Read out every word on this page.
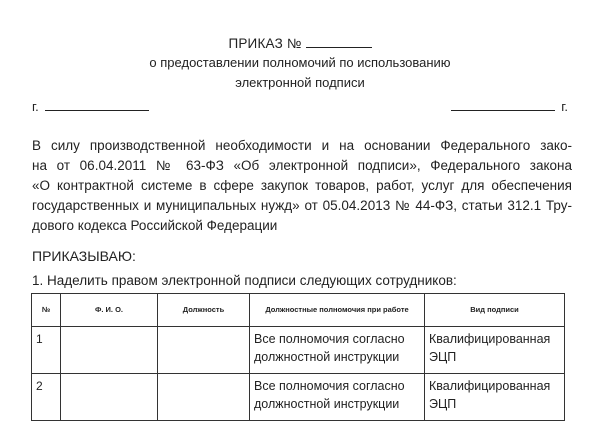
ПРИКАЗ №
о предоставлении полномочий по использованию
электронной подписи
г.	г.
В силу производственной необходимости и на основании Федерального зако-
на от 06.04.2011 № 63-ФЗ «Об электронной подписи», Федерального закона
«О контрактной системе в сфере закупок товаров, работ, услуг для обеспечения
государственных и муниципальных нужд» от 05.04.2013 № 44-ФЗ, статьи 312.1 Тру-
дового кодекса Российской Федерации
ПРИКАЗЫВАЮ:
1. Наделить правом электронной подписи следующих сотрудников:
№	Ф. И. О.	Должность	Должностные полномочия при работе	Вид подписи
1			Все полномочия согласно должностной инструкции	Квалифицированная ЭЦП
2			Все полномочия согласно должностной инструкции	Квалифицированная ЭЦП
